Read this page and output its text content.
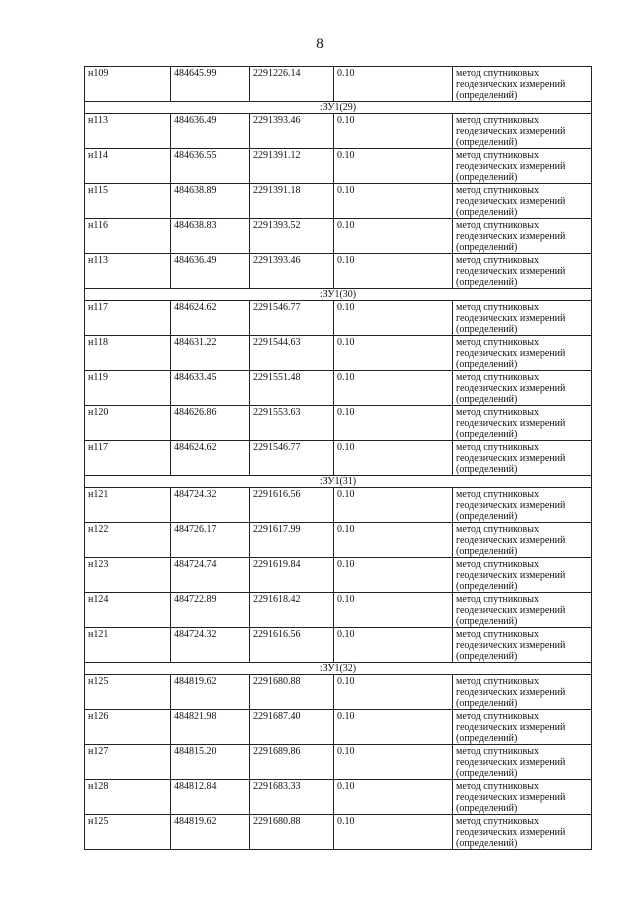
8
н109	484645.99	2291226.14	0.10	метод спутниковых геодезических измерений (определений)
:ЗУ1(29)				
н113	484636.49	2291393.46	0.10	метод спутниковых геодезических измерений (определений)
н114	484636.55	2291391.12	0.10	метод спутниковых геодезических измерений (определений)
н115	484638.89	2291391.18	0.10	метод спутниковых геодезических измерений (определений)
н116	484638.83	2291393.52	0.10	метод спутниковых геодезических измерений (определений)
н113	484636.49	2291393.46	0.10	метод спутниковых геодезических измерений (определений)
:ЗУ1(30)				
н117	484624.62	2291546.77	0.10	метод спутниковых геодезических измерений (определений)
н118	484631.22	2291544.63	0.10	метод спутниковых геодезических измерений (определений)
н119	484633.45	2291551.48	0.10	метод спутниковых геодезических измерений (определений)
н120	484626.86	2291553.63	0.10	метод спутниковых геодезических измерений (определений)
н117	484624.62	2291546.77	0.10	метод спутниковых геодезических измерений (определений)
:ЗУ1(31)				
н121	484724.32	2291616.56	0.10	метод спутниковых геодезических измерений (определений)
н122	484726.17	2291617.99	0.10	метод спутниковых геодезических измерений (определений)
н123	484724.74	2291619.84	0.10	метод спутниковых геодезических измерений (определений)
н124	484722.89	2291618.42	0.10	метод спутниковых геодезических измерений (определений)
н121	484724.32	2291616.56	0.10	метод спутниковых геодезических измерений (определений)
:ЗУ1(32)				
н125	484819.62	2291680.88	0.10	метод спутниковых геодезических измерений (определений)
н126	484821.98	2291687.40	0.10	метод спутниковых геодезических измерений (определений)
н127	484815.20	2291689.86	0.10	метод спутниковых геодезических измерений (определений)
н128	484812.84	2291683.33	0.10	метод спутниковых геодезических измерений (определений)
н125	484819.62	2291680.88	0.10	метод спутниковых геодезических измерений (определений)
